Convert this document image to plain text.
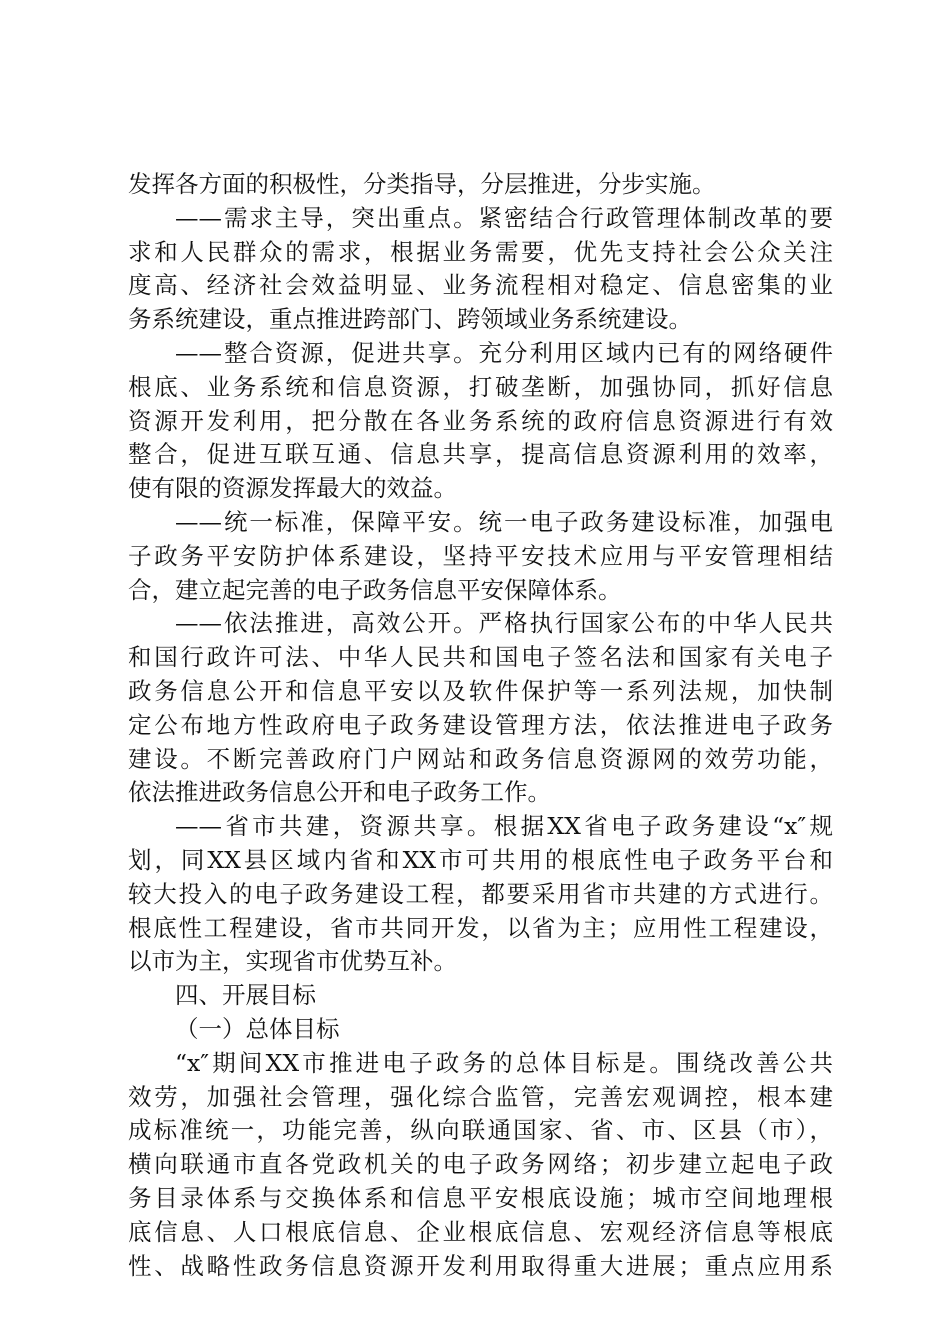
发挥各方面的积极性，分类指导，分层推进，分步实施。
——需求主导，突出重点。紧密结合行政管理体制改革的要
求和人民群众的需求，根据业务需要，优先支持社会公众关注
度高、经济社会效益明显、业务流程相对稳定、信息密集的业
务系统建设，重点推进跨部门、跨领域业务系统建设。
——整合资源，促进共享。充分利用区域内已有的网络硬件
根底、业务系统和信息资源，打破垄断，加强协同，抓好信息
资源开发利用，把分散在各业务系统的政府信息资源进行有效
整合，促进互联互通、信息共享，提高信息资源利用的效率，
使有限的资源发挥最大的效益。
——统一标准，保障平安。统一电子政务建设标准，加强电
子政务平安防护体系建设，坚持平安技术应用与平安管理相结
合，建立起完善的电子政务信息平安保障体系。
——依法推进，高效公开。严格执行国家公布的中华人民共
和国行政许可法、中华人民共和国电子签名法和国家有关电子
政务信息公开和信息平安以及软件保护等一系列法规，加快制
定公布地方性政府电子政务建设管理方法，依法推进电子政务
建设。不断完善政府门户网站和政务信息资源网的效劳功能，
依法推进政务信息公开和电子政务工作。
——省市共建，资源共享。根据XX省电子政务建设“x″规
划，同XX县区域内省和XX市可共用的根底性电子政务平台和
较大投入的电子政务建设工程，都要采用省市共建的方式进行。
根底性工程建设，省市共同开发，以省为主；应用性工程建设，
以市为主，实现省市优势互补。
四、开展目标
（一）总体目标
“x″期间XX市推进电子政务的总体目标是。围绕改善公共
效劳，加强社会管理，强化综合监管，完善宏观调控，根本建
成标准统一，功能完善，纵向联通国家、省、市、区县（市），
横向联通市直各党政机关的电子政务网络；初步建立起电子政
务目录体系与交换体系和信息平安根底设施；城市空间地理根
底信息、人口根底信息、企业根底信息、宏观经济信息等根底
性、战略性政务信息资源开发利用取得重大进展；重点应用系
